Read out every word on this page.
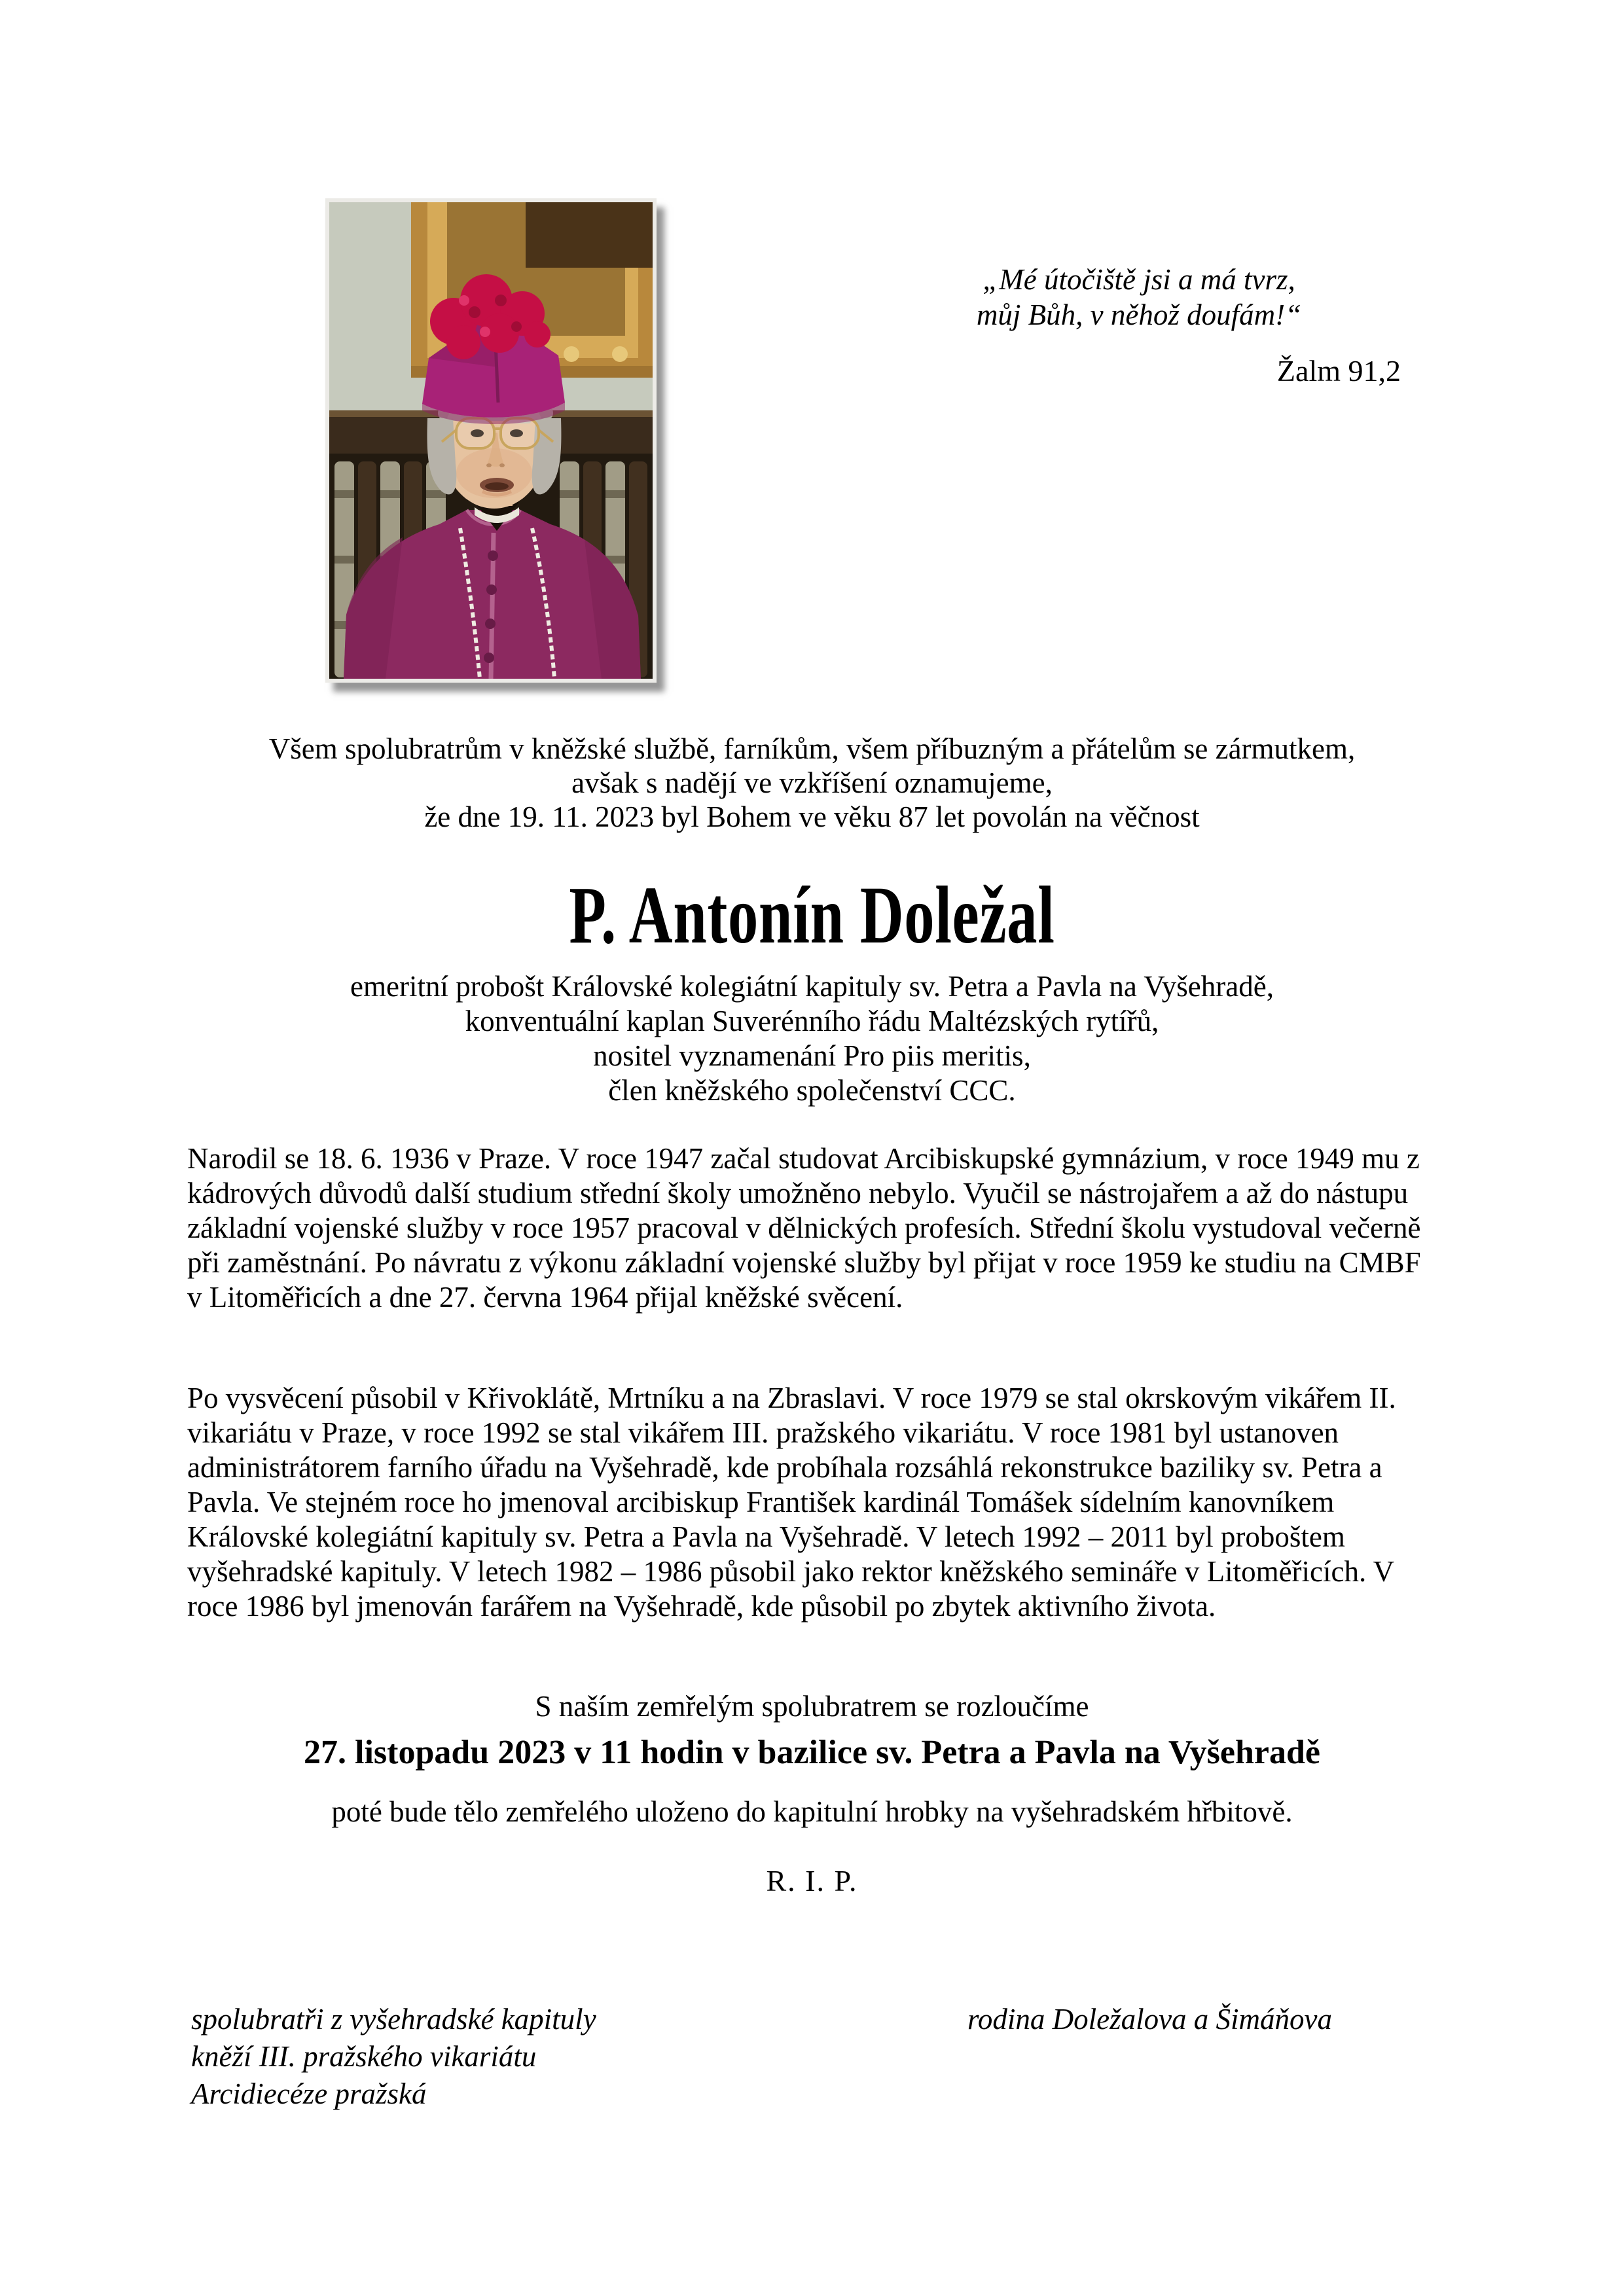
„Mé útočiště jsi a má tvrz,
můj Bůh, v něhož doufám!“
Žalm 91,2
Všem spolubratrům v kněžské službě, farníkům, všem příbuzným a přátelům se zármutkem,
avšak s nadějí ve vzkříšení oznamujeme,
že dne 19. 11. 2023 byl Bohem ve věku 87 let povolán na věčnost
P. Antonín Doležal
emeritní probošt Královské kolegiátní kapituly sv. Petra a Pavla na Vyšehradě,
konventuální kaplan Suverénního řádu Maltézských rytířů,
nositel vyznamenání Pro piis meritis,
člen kněžského společenství CCC.
Narodil se 18. 6. 1936 v Praze. V roce 1947 začal studovat Arcibiskupské gymnázium, v roce 1949 mu z kádrových důvodů další studium střední školy umožněno nebylo. Vyučil se nástrojařem a až do nástupu základní vojenské služby v roce 1957 pracoval v dělnických profesích. Střední školu vystudoval večerně při zaměstnání. Po návratu z výkonu základní vojenské služby byl přijat v roce 1959 ke studiu na CMBF v Litoměřicích a dne 27. června 1964 přijal kněžské svěcení.
Po vysvěcení působil v Křivoklátě, Mrtníku a na Zbraslavi. V roce 1979 se stal okrskovým vikářem II. vikariátu v Praze, v roce 1992 se stal vikářem III. pražského vikariátu. V roce 1981 byl ustanoven administrátorem farního úřadu na Vyšehradě, kde probíhala rozsáhlá rekonstrukce baziliky sv. Petra a Pavla. Ve stejném roce ho jmenoval arcibiskup František kardinál Tomášek sídelním kanovníkem Královské kolegiátní kapituly sv. Petra a Pavla na Vyšehradě. V letech 1992 – 2011 byl proboštem vyšehradské kapituly. V letech 1982 – 1986 působil jako rektor kněžského semináře v Litoměřicích. V roce 1986 byl jmenován farářem na Vyšehradě, kde působil po zbytek aktivního života.
S naším zemřelým spolubratrem se rozloučíme
27. listopadu 2023 v 11 hodin v bazilice sv. Petra a Pavla na Vyšehradě
poté bude tělo zemřelého uloženo do kapitulní hrobky na vyšehradském hřbitově.
R. I. P.
spolubratři z vyšehradské kapituly
kněží III. pražského vikariátu
Arcidiecéze pražská
rodina Doležalova a Šimáňova
